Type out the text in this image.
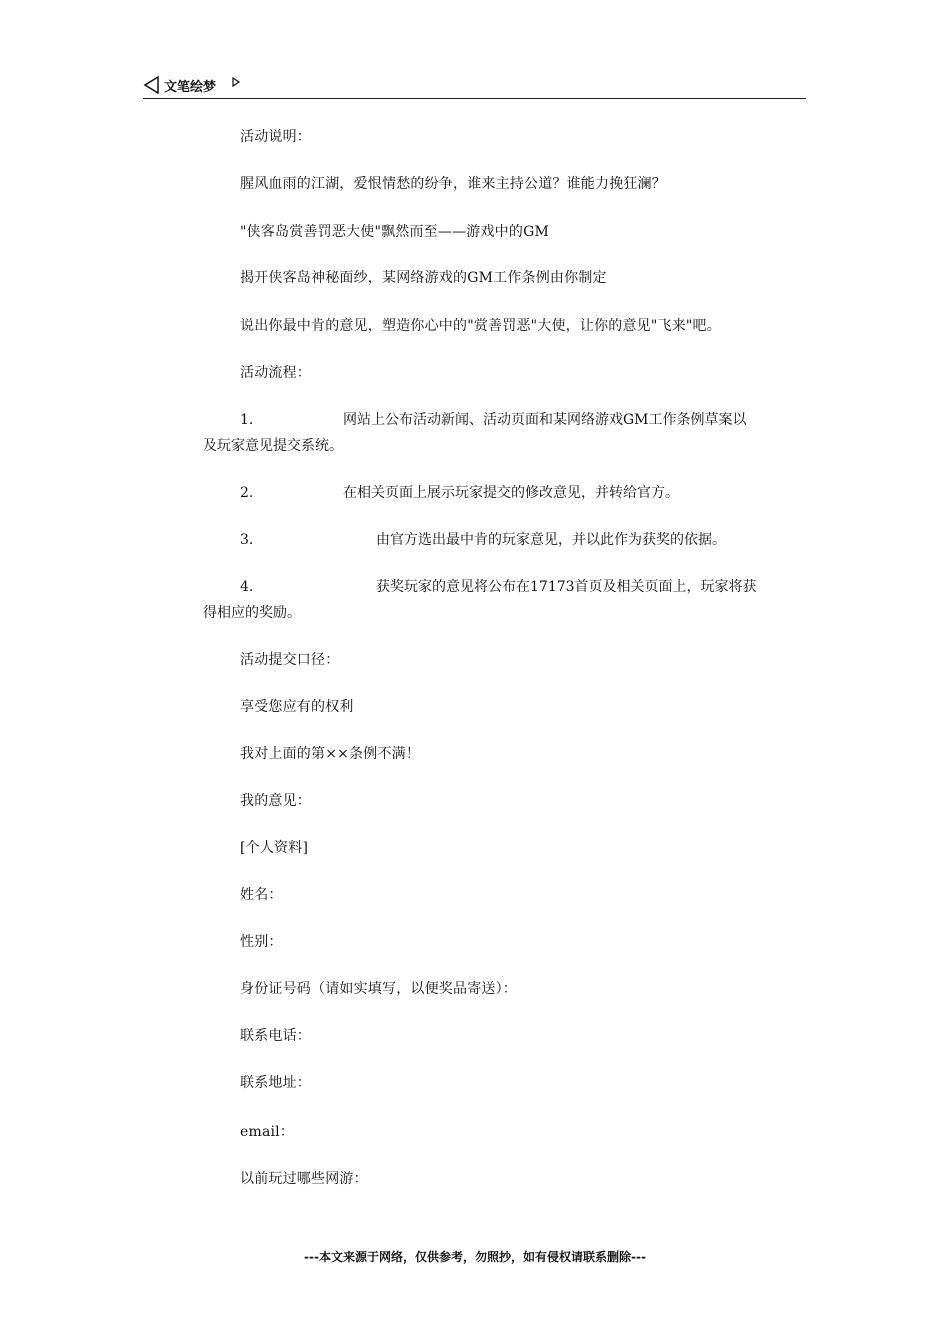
文笔绘梦
活动说明：
腥风血雨的江湖，爱恨情愁的纷争，谁来主持公道？谁能力挽狂澜？
"侠客岛赏善罚恶大使"飘然而至——游戏中的GM
揭开侠客岛神秘面纱，某网络游戏的GM工作条例由你制定
说出你最中肯的意见，塑造你心中的"赏善罚恶"大使，让你的意见"飞来"吧。
活动流程：
1.	网站上公布活动新闻、活动页面和某网络游戏GM工作条例草案以
及玩家意见提交系统。
2.	在相关页面上展示玩家提交的修改意见，并转给官方。
3.	由官方选出最中肯的玩家意见，并以此作为获奖的依据。
4.	获奖玩家的意见将公布在17173首页及相关页面上，玩家将获
得相应的奖励。
活动提交口径：
享受您应有的权利
我对上面的第××条例不满！
我的意见：
[个人资料]
姓名：
性别：
身份证号码（请如实填写，以便奖品寄送）：
联系电话：
联系地址：
email：
以前玩过哪些网游：
---本文来源于网络，仅供参考，勿照抄，如有侵权请联系删除---
